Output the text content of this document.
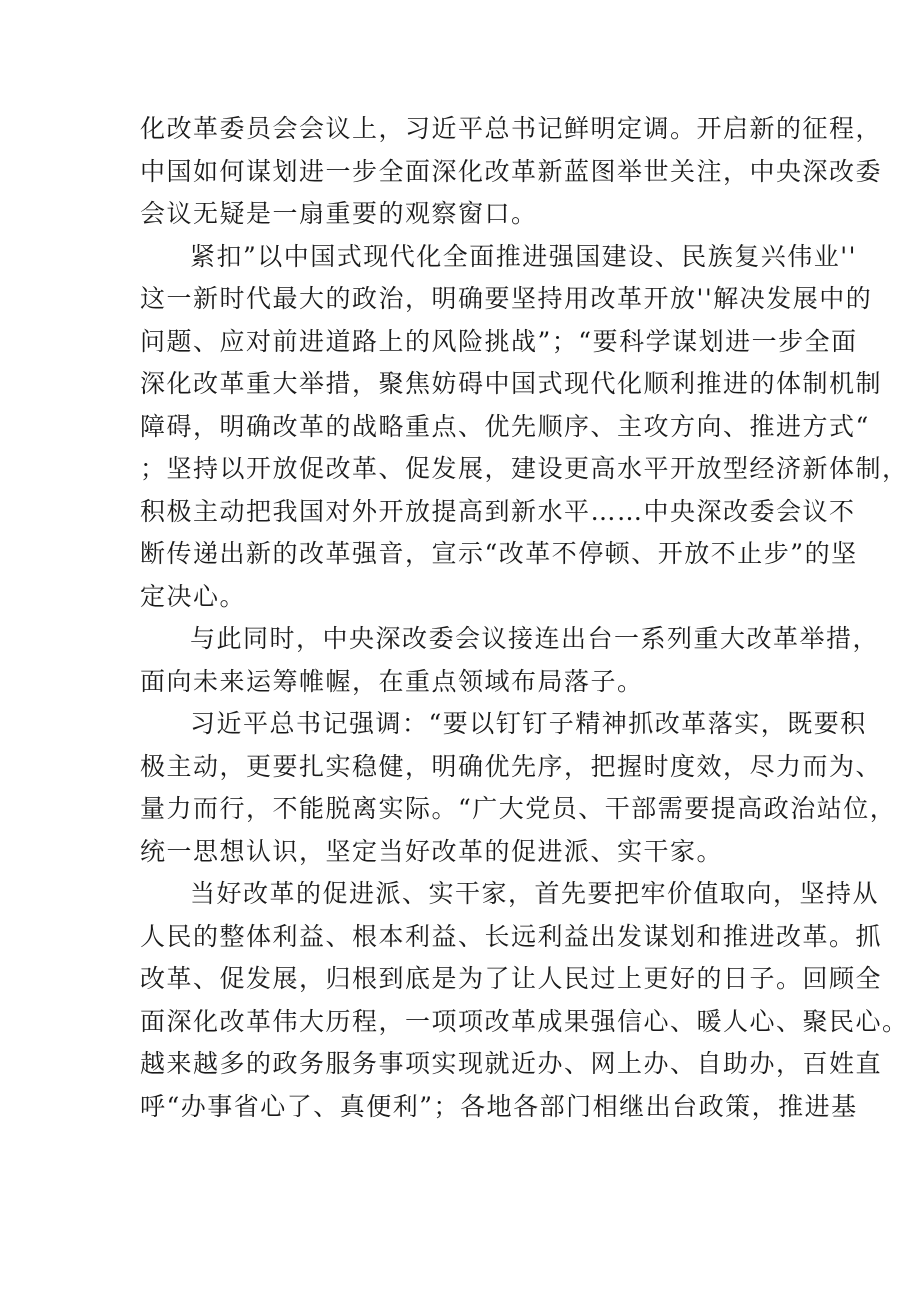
化改革委员会会议上，习近平总书记鲜明定调。开启新的征程，
中国如何谋划进一步全面深化改革新蓝图举世关注，中央深改委
会议无疑是一扇重要的观察窗口。

紧扣”以中国式现代化全面推进强国建设、民族复兴伟业''
这一新时代最大的政治，明确要坚持用改革开放''解决发展中的
问题、应对前进道路上的风险挑战”；“要科学谋划进一步全面
深化改革重大举措，聚焦妨碍中国式现代化顺利推进的体制机制
障碍，明确改革的战略重点、优先顺序、主攻方向、推进方式“
；坚持以开放促改革、促发展，建设更高水平开放型经济新体制，
积极主动把我国对外开放提高到新水平……中央深改委会议不
断传递出新的改革强音，宣示“改革不停顿、开放不止步”的坚
定决心。

与此同时，中央深改委会议接连出台一系列重大改革举措，
面向未来运筹帷幄，在重点领域布局落子。

习近平总书记强调：“要以钉钉子精神抓改革落实，既要积
极主动，更要扎实稳健，明确优先序，把握时度效，尽力而为、
量力而行，不能脱离实际。“广大党员、干部需要提高政治站位，
统一思想认识，坚定当好改革的促进派、实干家。

当好改革的促进派、实干家，首先要把牢价值取向，坚持从
人民的整体利益、根本利益、长远利益出发谋划和推进改革。抓
改革、促发展，归根到底是为了让人民过上更好的日子。回顾全
面深化改革伟大历程，一项项改革成果强信心、暖人心、聚民心。
越来越多的政务服务事项实现就近办、网上办、自助办，百姓直
呼“办事省心了、真便利”；各地各部门相继出台政策，推进基
